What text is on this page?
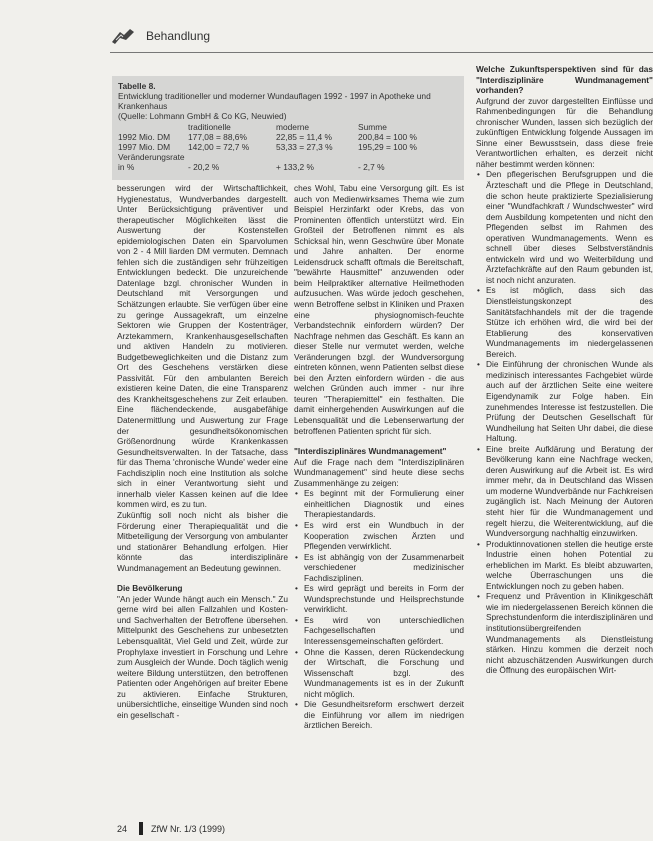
Behandlung
Tabelle 8.
Entwicklung traditioneller und moderner Wundauflagen 1992 - 1997 in Apotheke und
Krankenhaus
(Quelle: Lohmann GmbH & Co KG, Neuwied)
traditionelle	moderne	Summe
1992 Mio. DM	177,08 = 88,6%	22,85 = 11,4 %	200,84 = 100 %
1997 Mio. DM	142,00 = 72,7 %	53,33 = 27,3 %	195,29 = 100 %
Veränderungsrate
in %	- 20,2 %	+ 133,2 %	- 2,7 %

besserungen wird der Wirtschaftlichkeit, Hygienestatus, Wundverbandes dargestellt. Unter Berücksichtigung präventiver und therapeutischer Möglichkeiten lässt die Auswertung der Kostenstellen epidemiologischen Daten ein Sparvolumen von 2 - 4 Mill liarden DM vermuten. Demnach fehlen sich die zuständigen sehr frühzeitigen Entwicklungen bedeckt. Die unzureichende Datenlage bzgl. chronischer Wunden in Deutschland mit Versorgungen und Schätzungen erlaubte. Sie verfügen über eine zu geringe Aussagekraft, um einzelne Sektoren wie Gruppen der Kostenträger, Arztekammern, Krankenhausgesellschaften und aktiven Handeln zu motivieren. Budgetbeweglichkeiten und die Distanz zum Ort des Geschehens verstärken diese Passivität. Für den ambulanten Bereich existieren keine Daten, die eine Transparenz des Krankheitsgeschehens zur Zeit erlauben. Eine flächendeckende, ausgabefähige Datenermittlung und Auswertung zur Frage der gesundheitsökonomischen Größenordnung würde Krankenkassen Gesundheitsverwalten. In der Tatsache, dass für das Thema 'chronische Wunde' weder eine Fachdisziplin noch eine Institution als solche sich in einer Verantwortung sieht und innerhalb vieler Kassen keinen auf die Idee kommen wird, es zu tun.

Zukünftig soll noch nicht als bisher die Förderung einer Therapiequalität und die Mitbeteiligung der Versorgung von ambulanter und stationärer Behandlung erfolgen. Hier könnte das interdisziplinäre Wundmanagement an Bedeutung gewinnen.

Die Bevölkerung

"An jeder Wunde hängt auch ein Mensch." Zu gerne wird bei allen Fallzahlen und Kosten- und Sachverhalten der Betroffene übersehen. Mittelpunkt des Geschehens zur unbesetzten Lebensqualität, Viel Geld und Zeit, würde zur Prophylaxe investiert in Forschung und Lehre zum Ausgleich der Wunde. Doch täglich wenig weitere Bildung unterstützen, den betroffenen Patienten oder Angehörigen auf breiter Ebene zu aktivieren. Einfache Strukturen, unübersichtliche, einseitige Wunden sind noch ein gesellschaft -

ches Wohl, Tabu eine Versorgung gilt. Es ist auch von Medienwirksames Thema wie zum Beispiel Herzinfarkt oder Krebs, das von Prominenten öffentlich unterstützt wird. Ein Großteil der Betroffenen nimmt es als Schicksal hin, wenn Geschwüre über Monate und Jahre anhalten. Der enorme Leidensdruck schafft oftmals die Bereitschaft, "bewährte Hausmittel" anzuwenden oder beim Heilpraktiker alternative Heilmethoden aufzusuchen. Was würde jedoch geschehen, wenn Betroffene selbst in Kliniken und Praxen eine physiognomisch-feuchte Verbandstechnik einfordern würden? Der Nachfrage nehmen das Geschäft. Es kann an dieser Stelle nur vermutet werden, welche Veränderungen bzgl. der Wundversorgung eintreten können, wenn Patienten selbst diese bei den Ärzten einfordern würden - die aus welchen Gründen auch immer - nur ihre teuren "Therapiemittel" ein festhalten. Die damit einhergehenden Auswirkungen auf die Lebensqualität und die Lebenserwartung der betroffenen Patienten spricht für sich.

"Interdisziplinäres Wundmanagement"

Auf die Frage nach dem "Interdisziplinären Wundmanagement" sind heute diese sechs Zusammenhänge zu zeigen:

• Es beginnt mit der Formulierung einer einheitlichen Diagnostik und eines Therapiestandards.
• Es wird erst ein Wundbuch in der Kooperation zwischen Ärzten und Pflegenden verwirklicht.
• Es ist abhängig von der Zusammenarbeit verschiedener medizinischer Fachdisziplinen.
• Es wird geprägt und bereits in Form der Wundsprechstunde und Heilsprechstunde verwirklicht.
• Es wird von unterschiedlichen Fachgesellschaften und Interessensgemeinschaften gefördert.
• Ohne die Kassen, deren Rückendeckung der Wirtschaft, die Forschung und Wissenschaft bzgl. des Wundmanagements ist es in der Zukunft nicht möglich.
• Die Gesundheitsreform erschwert derzeit die Einführung vor allem im niedrigen ärztlichen Bereich.

Welche Zukunftsperspektiven sind für das "Interdisziplinäre Wundmanagement" vorhanden?

Aufgrund der zuvor dargestellten Einflüsse und Rahmenbedingungen für die Behandlung chronischer Wunden, lassen sich bezüglich der zukünftigen Entwicklung folgende Aussagen im Sinne einer Bewusstsein, dass diese freie Verantwortlichen erhalten, es derzeit nicht näher bestimmt werden können:

• Den pflegerischen Berufsgruppen und die Ärzteschaft und die Pflege in Deutschland, die schon heute praktizierte Spezialisierung einer "Wundfachkraft / Wundschwester" wird dem Ausbildung kompetenten und nicht den Pflegenden selbst im Rahmen des operativen Wundmanagements. Wenn es schnell über dieses Selbstverständnis entwickeln wird und wo Weiterbildung und Ärztefachkräfte auf den Raum gebunden ist, ist noch nicht anzuraten.
• Es ist möglich, dass sich das Dienstleistungskonzept des Sanitätsfachhandels mit der die tragende Stütze ich erhöhen wird, die wird bei der Etablierung des konservativen Wundmanagements im niedergelassenen Bereich.
• Die Einführung der chronischen Wunde als medizinisch interessantes Fachgebiet würde auch auf der ärztlichen Seite eine weitere Eigendynamik zur Folge haben. Ein zunehmendes Interesse ist festzustellen. Die Prüfung der Deutschen Gesellschaft für Wundheilung hat Seiten Uhr dabei, die diese Haltung.
• Eine breite Aufklärung und Beratung der Bevölkerung kann eine Nachfrage wecken, deren Auswirkung auf die Arbeit ist. Es wird immer mehr, da in Deutschland das Wissen um moderne Wundverbände nur Fachkreisen zugänglich ist. Nach Meinung der Autoren steht hier für die Wundmanagement und regelt hierzu, die Weiterentwicklung, auf die Wundversorgung nachhaltig einzuwirken.
• Produktinnovationen stellen die heutige erste Industrie einen hohen Potential zu erheblichen im Markt. Es bleibt abzuwarten, welche Überraschungen uns die Entwicklungen noch zu geben haben.
• Frequenz und Prävention in Klinikgeschäft wie im niedergelassenen Bereich können die Sprechstundenform die interdisziplinären und institutionsübergreifenden Wundmanagements als Dienstleistung stärken. Hinzu kommen die derzeit noch nicht abzuschätzenden Auswirkungen durch die Öffnung des europäischen Wirt-
24	ZfW Nr. 1/3 (1999)
